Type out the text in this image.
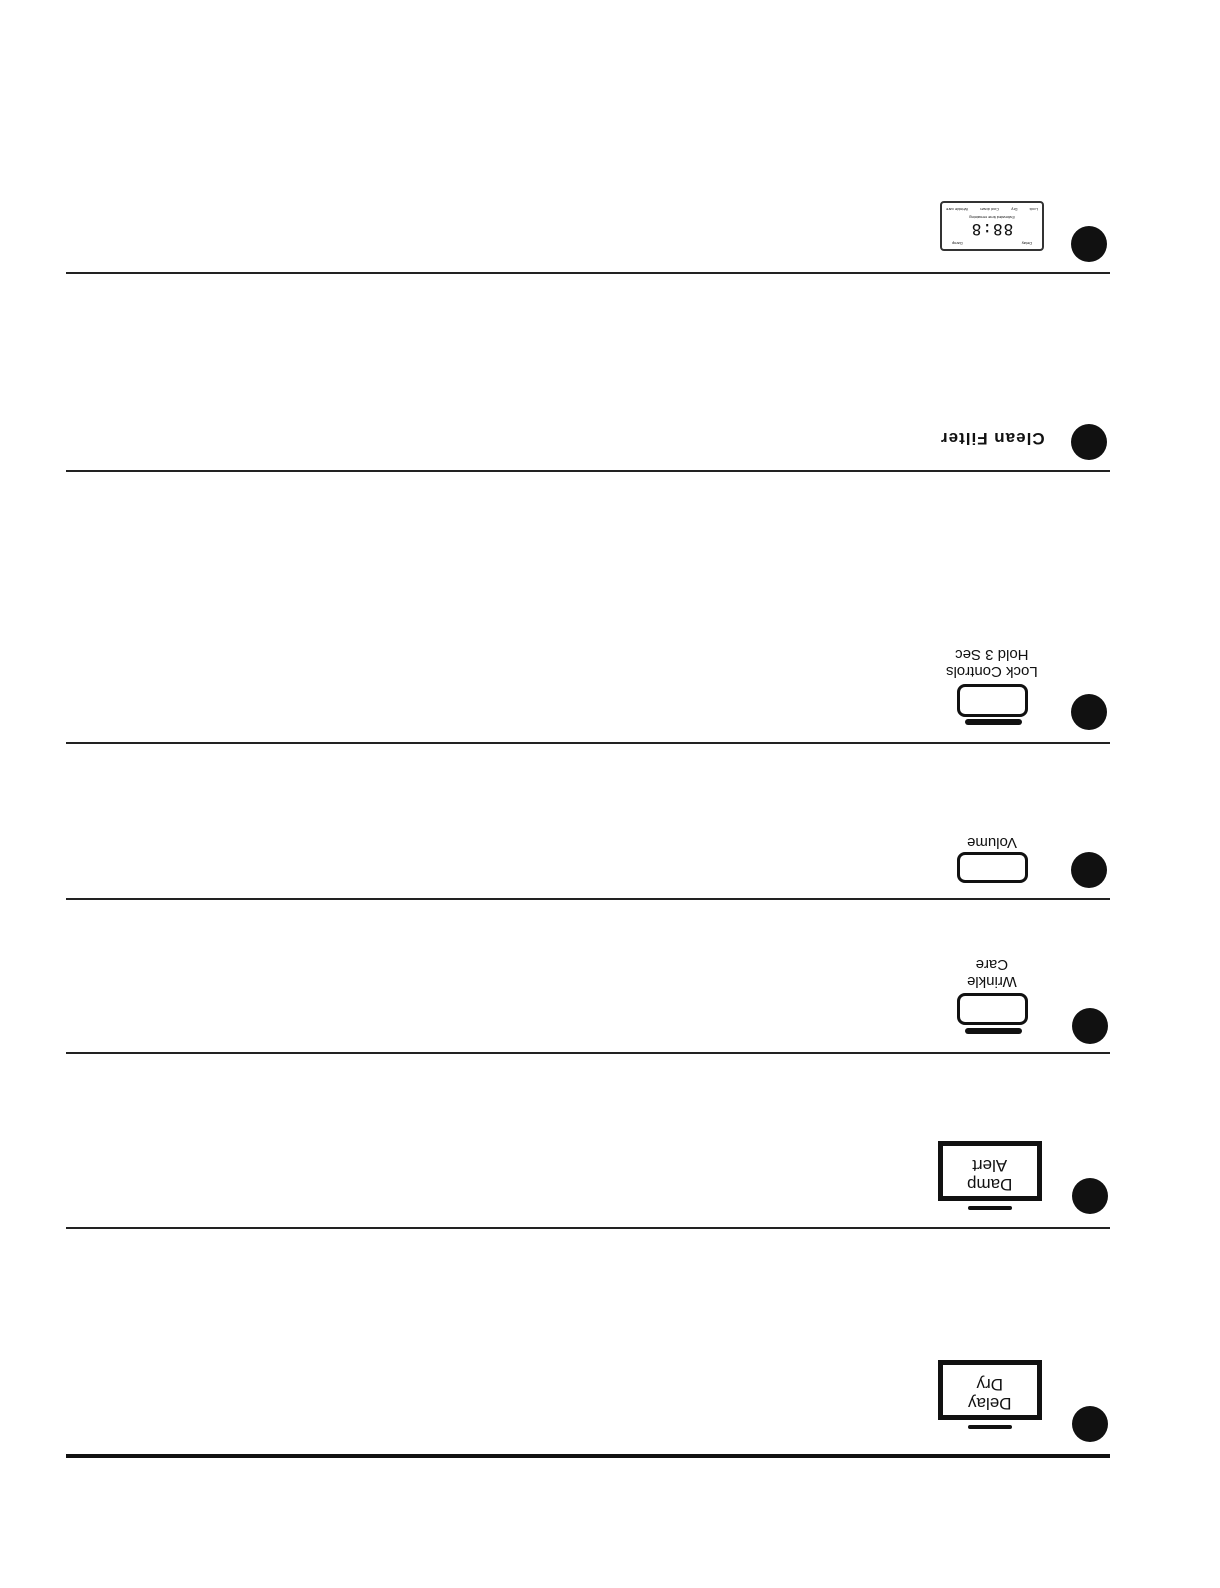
88:8
Estimated time remaining
Lock
Dry
Cool down
Wrinkle care
Delay
Damp
Clean Filter
Lock Controls
Hold 3 Sec
Volume
Wrinkle
Care
Damp
Alert
Delay
Dry
